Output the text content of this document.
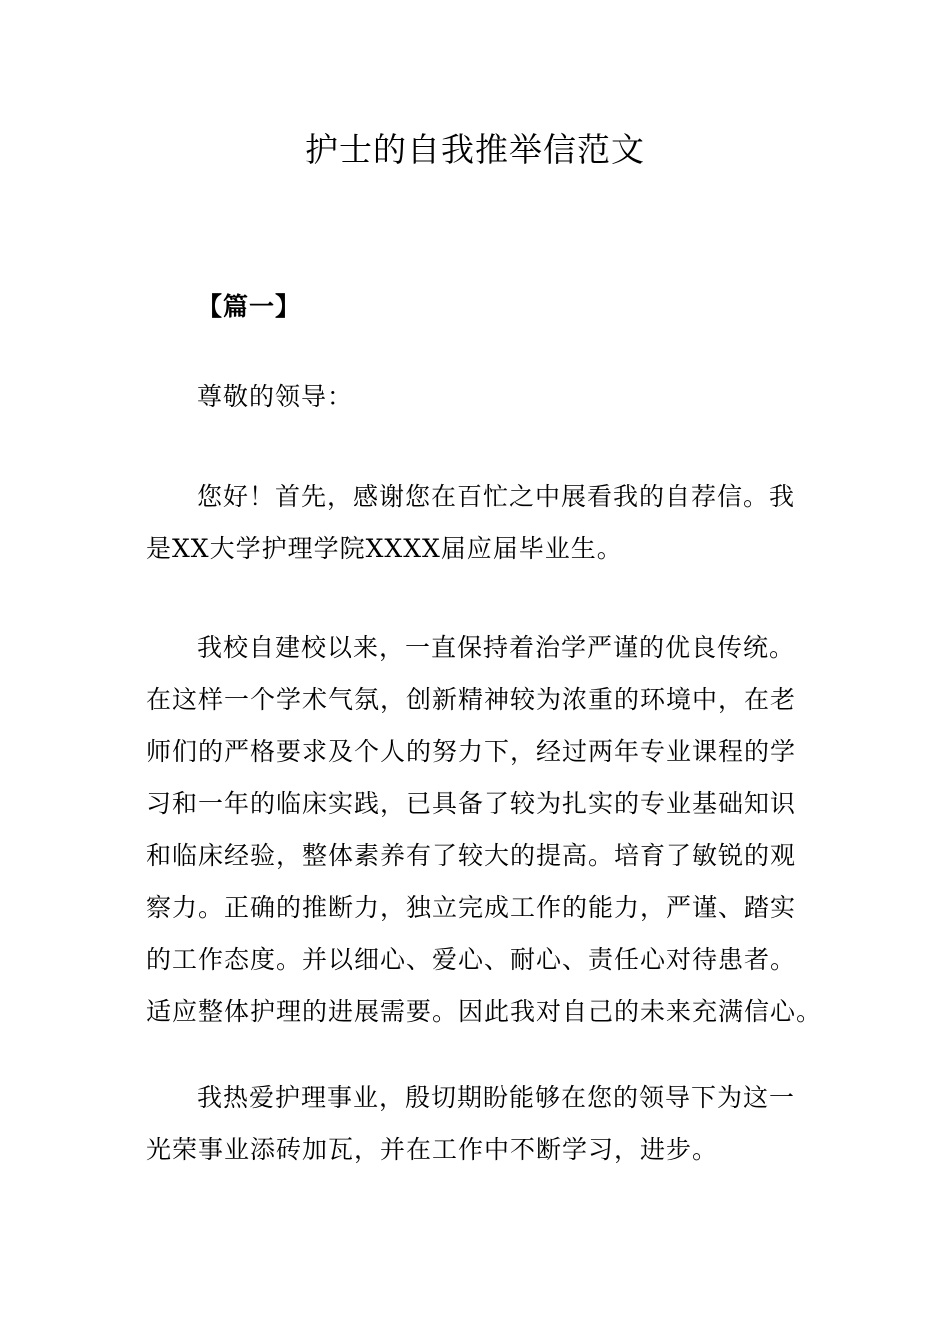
护士的自我推举信范文
【篇一】
尊敬的领导：
您好！首先，感谢您在百忙之中展看我的自荐信。我
是XX大学护理学院XXXX届应届毕业生。
我校自建校以来，一直保持着治学严谨的优良传统。
在这样一个学术气氛，创新精神较为浓重的环境中，在老
师们的严格要求及个人的努力下，经过两年专业课程的学
习和一年的临床实践，已具备了较为扎实的专业基础知识
和临床经验，整体素养有了较大的提高。培育了敏锐的观
察力。正确的推断力，独立完成工作的能力，严谨、踏实
的工作态度。并以细心、爱心、耐心、责任心对待患者。
适应整体护理的进展需要。因此我对自己的未来充满信心。
我热爱护理事业，殷切期盼能够在您的领导下为这一
光荣事业添砖加瓦，并在工作中不断学习，进步。
